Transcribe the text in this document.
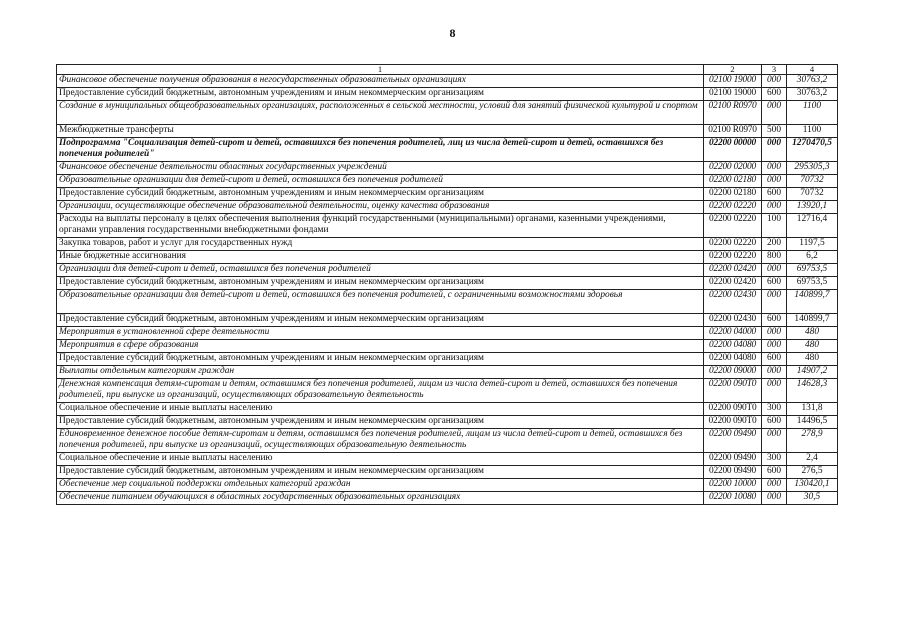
8
1	2	3	4
Финансовое обеспечение получения образования в негосударственных образовательных организациях	02100 19000	000	30763,2
Предоставление субсидий бюджетным, автономным учреждениям и иным некоммерческим организациям	02100 19000	600	30763,2
Создание в муниципальных общеобразовательных организациях, расположенных в сельской местности, условий для занятий физической культурой и спортом	02100 R0970	000	1100
Межбюджетные трансферты	02100 R0970	500	1100
Подпрограмма "Социализация детей-сирот и детей, оставшихся без попечения родителей, лиц из числа детей-сирот и детей, оставшихся без попечения родителей"	02200 00000	000	1270470,5
Финансовое обеспечение деятельности областных государственных учреждений	02200 02000	000	295305,3
Образовательные организации для детей-сирот и детей, оставшихся без попечения родителей	02200 02180	000	70732
Предоставление субсидий бюджетным, автономным учреждениям и иным некоммерческим организациям	02200 02180	600	70732
Организации, осуществляющие обеспечение образовательной деятельности, оценку качества образования	02200 02220	000	13920,1
Расходы на выплаты персоналу в целях обеспечения выполнения функций государственными (муниципальными) органами, казенными учреждениями, органами управления государственными внебюджетными фондами	02200 02220	100	12716,4
Закупка товаров, работ и услуг для государственных нужд	02200 02220	200	1197,5
Иные бюджетные ассигнования	02200 02220	800	6,2
Организации для детей-сирот и детей, оставшихся без попечения родителей	02200 02420	000	69753,5
Предоставление субсидий бюджетным, автономным учреждениям и иным некоммерческим организациям	02200 02420	600	69753,5
Образовательные организации для детей-сирот и детей, оставшихся без попечения родителей, с ограниченными возможностями здоровья	02200 02430	000	140899,7
Предоставление субсидий бюджетным, автономным учреждениям и иным некоммерческим организациям	02200 02430	600	140899,7
Мероприятия в установленной сфере деятельности	02200 04000	000	480
Мероприятия в сфере образования	02200 04080	000	480
Предоставление субсидий бюджетным, автономным учреждениям и иным некоммерческим организациям	02200 04080	600	480
Выплаты отдельным категориям граждан	02200 09000	000	14907,2
Денежная компенсация детям-сиротам и детям, оставшимся без попечения родителей, лицам из числа детей-сирот и детей, оставшихся без попечения родителей, при выпуске из организаций, осуществляющих образовательную деятельность	02200 090Т0	000	14628,3
Социальное обеспечение и иные выплаты населению	02200 090Т0	300	131,8
Предоставление субсидий бюджетным, автономным учреждениям и иным некоммерческим организациям	02200 090Т0	600	14496,5
Единовременное денежное пособие детям-сиротам и детям, оставшимся без попечения родителей, лицам из числа детей-сирот и детей, оставшихся без попечения родителей, при выпуске из организаций, осуществляющих образовательную деятельность	02200 09490	000	278,9
Социальное обеспечение и иные выплаты населению	02200 09490	300	2,4
Предоставление субсидий бюджетным, автономным учреждениям и иным некоммерческим организациям	02200 09490	600	276,5
Обеспечение мер социальной поддержки отдельных категорий граждан	02200 10000	000	130420,1
Обеспечение питанием обучающихся в областных государственных образовательных организациях	02200 10080	000	30,5
